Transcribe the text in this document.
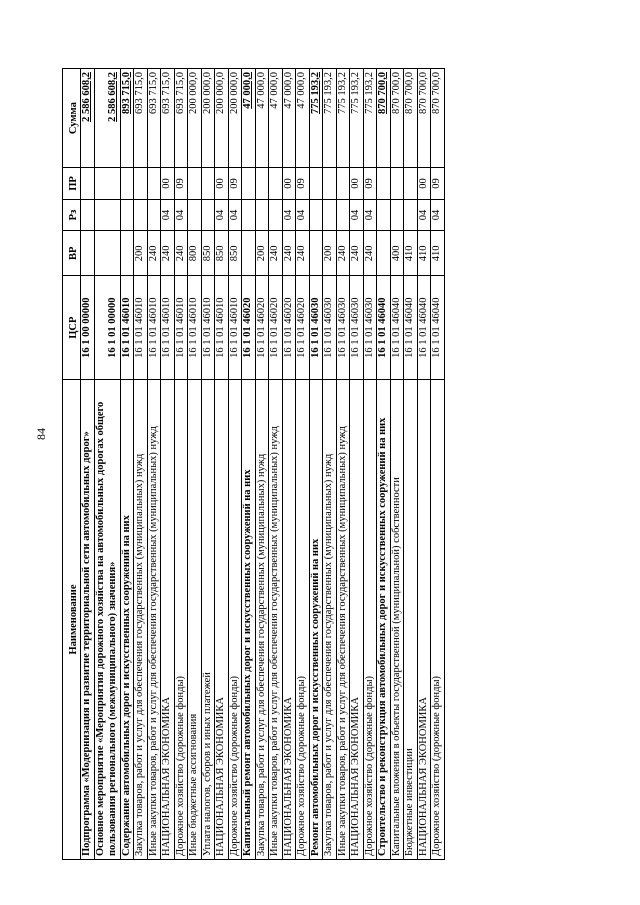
84
Наименование	ЦСР	ВР	Рз	ПР	Сумма
Подпрограмма «Модернизация и развитие территориальной сети автомобильных дорог»	16 1 00 00000				2 586 608,2
Основное мероприятие «Мероприятия дорожного хозяйства на автомобильных дорогах общего пользования регионального (межмуниципального) значения»	16 1 01 00000				2 586 608,2
Содержание автомобильных дорог и искусственных сооружений на них	16 1 01 46010				893 715,0
Закупка товаров, работ и услуг для обеспечения государственных (муниципальных) нужд	16 1 01 46010	200			693 715,0
Иные закупки товаров, работ и услуг для обеспечения государственных (муниципальных) нужд	16 1 01 46010	240			693 715,0
НАЦИОНАЛЬНАЯ ЭКОНОМИКА	16 1 01 46010	240	04	00	693 715,0
Дорожное хозяйство (дорожные фонды)	16 1 01 46010	240	04	09	693 715,0
Иные бюджетные ассигнования	16 1 01 46010	800			200 000,0
Уплата налогов, сборов и иных платежей	16 1 01 46010	850			200 000,0
НАЦИОНАЛЬНАЯ ЭКОНОМИКА	16 1 01 46010	850	04	00	200 000,0
Дорожное хозяйство (дорожные фонды)	16 1 01 46010	850	04	09	200 000,0
Капитальный ремонт автомобильных дорог и искусственных сооружений на них	16 1 01 46020				47 000,0
Закупка товаров, работ и услуг для обеспечения государственных (муниципальных) нужд	16 1 01 46020	200			47 000,0
Иные закупки товаров, работ и услуг для обеспечения государственных (муниципальных) нужд	16 1 01 46020	240			47 000,0
НАЦИОНАЛЬНАЯ ЭКОНОМИКА	16 1 01 46020	240	04	00	47 000,0
Дорожное хозяйство (дорожные фонды)	16 1 01 46020	240	04	09	47 000,0
Ремонт автомобильных дорог и искусственных сооружений на них	16 1 01 46030				775 193,2
Закупка товаров, работ и услуг для обеспечения государственных (муниципальных) нужд	16 1 01 46030	200			775 193,2
Иные закупки товаров, работ и услуг для обеспечения государственных (муниципальных) нужд	16 1 01 46030	240			775 193,2
НАЦИОНАЛЬНАЯ ЭКОНОМИКА	16 1 01 46030	240	04	00	775 193,2
Дорожное хозяйство (дорожные фонды)	16 1 01 46030	240	04	09	775 193,2
Строительство и реконструкция автомобильных дорог и искусственных сооружений на них	16 1 01 46040				870 700,0
Капитальные вложения в объекты государственной (муниципальной) собственности	16 1 01 46040	400			870 700,0
Бюджетные инвестиции	16 1 01 46040	410			870 700,0
НАЦИОНАЛЬНАЯ ЭКОНОМИКА	16 1 01 46040	410	04	00	870 700,0
Дорожное хозяйство (дорожные фонды)	16 1 01 46040	410	04	09	870 700,0
